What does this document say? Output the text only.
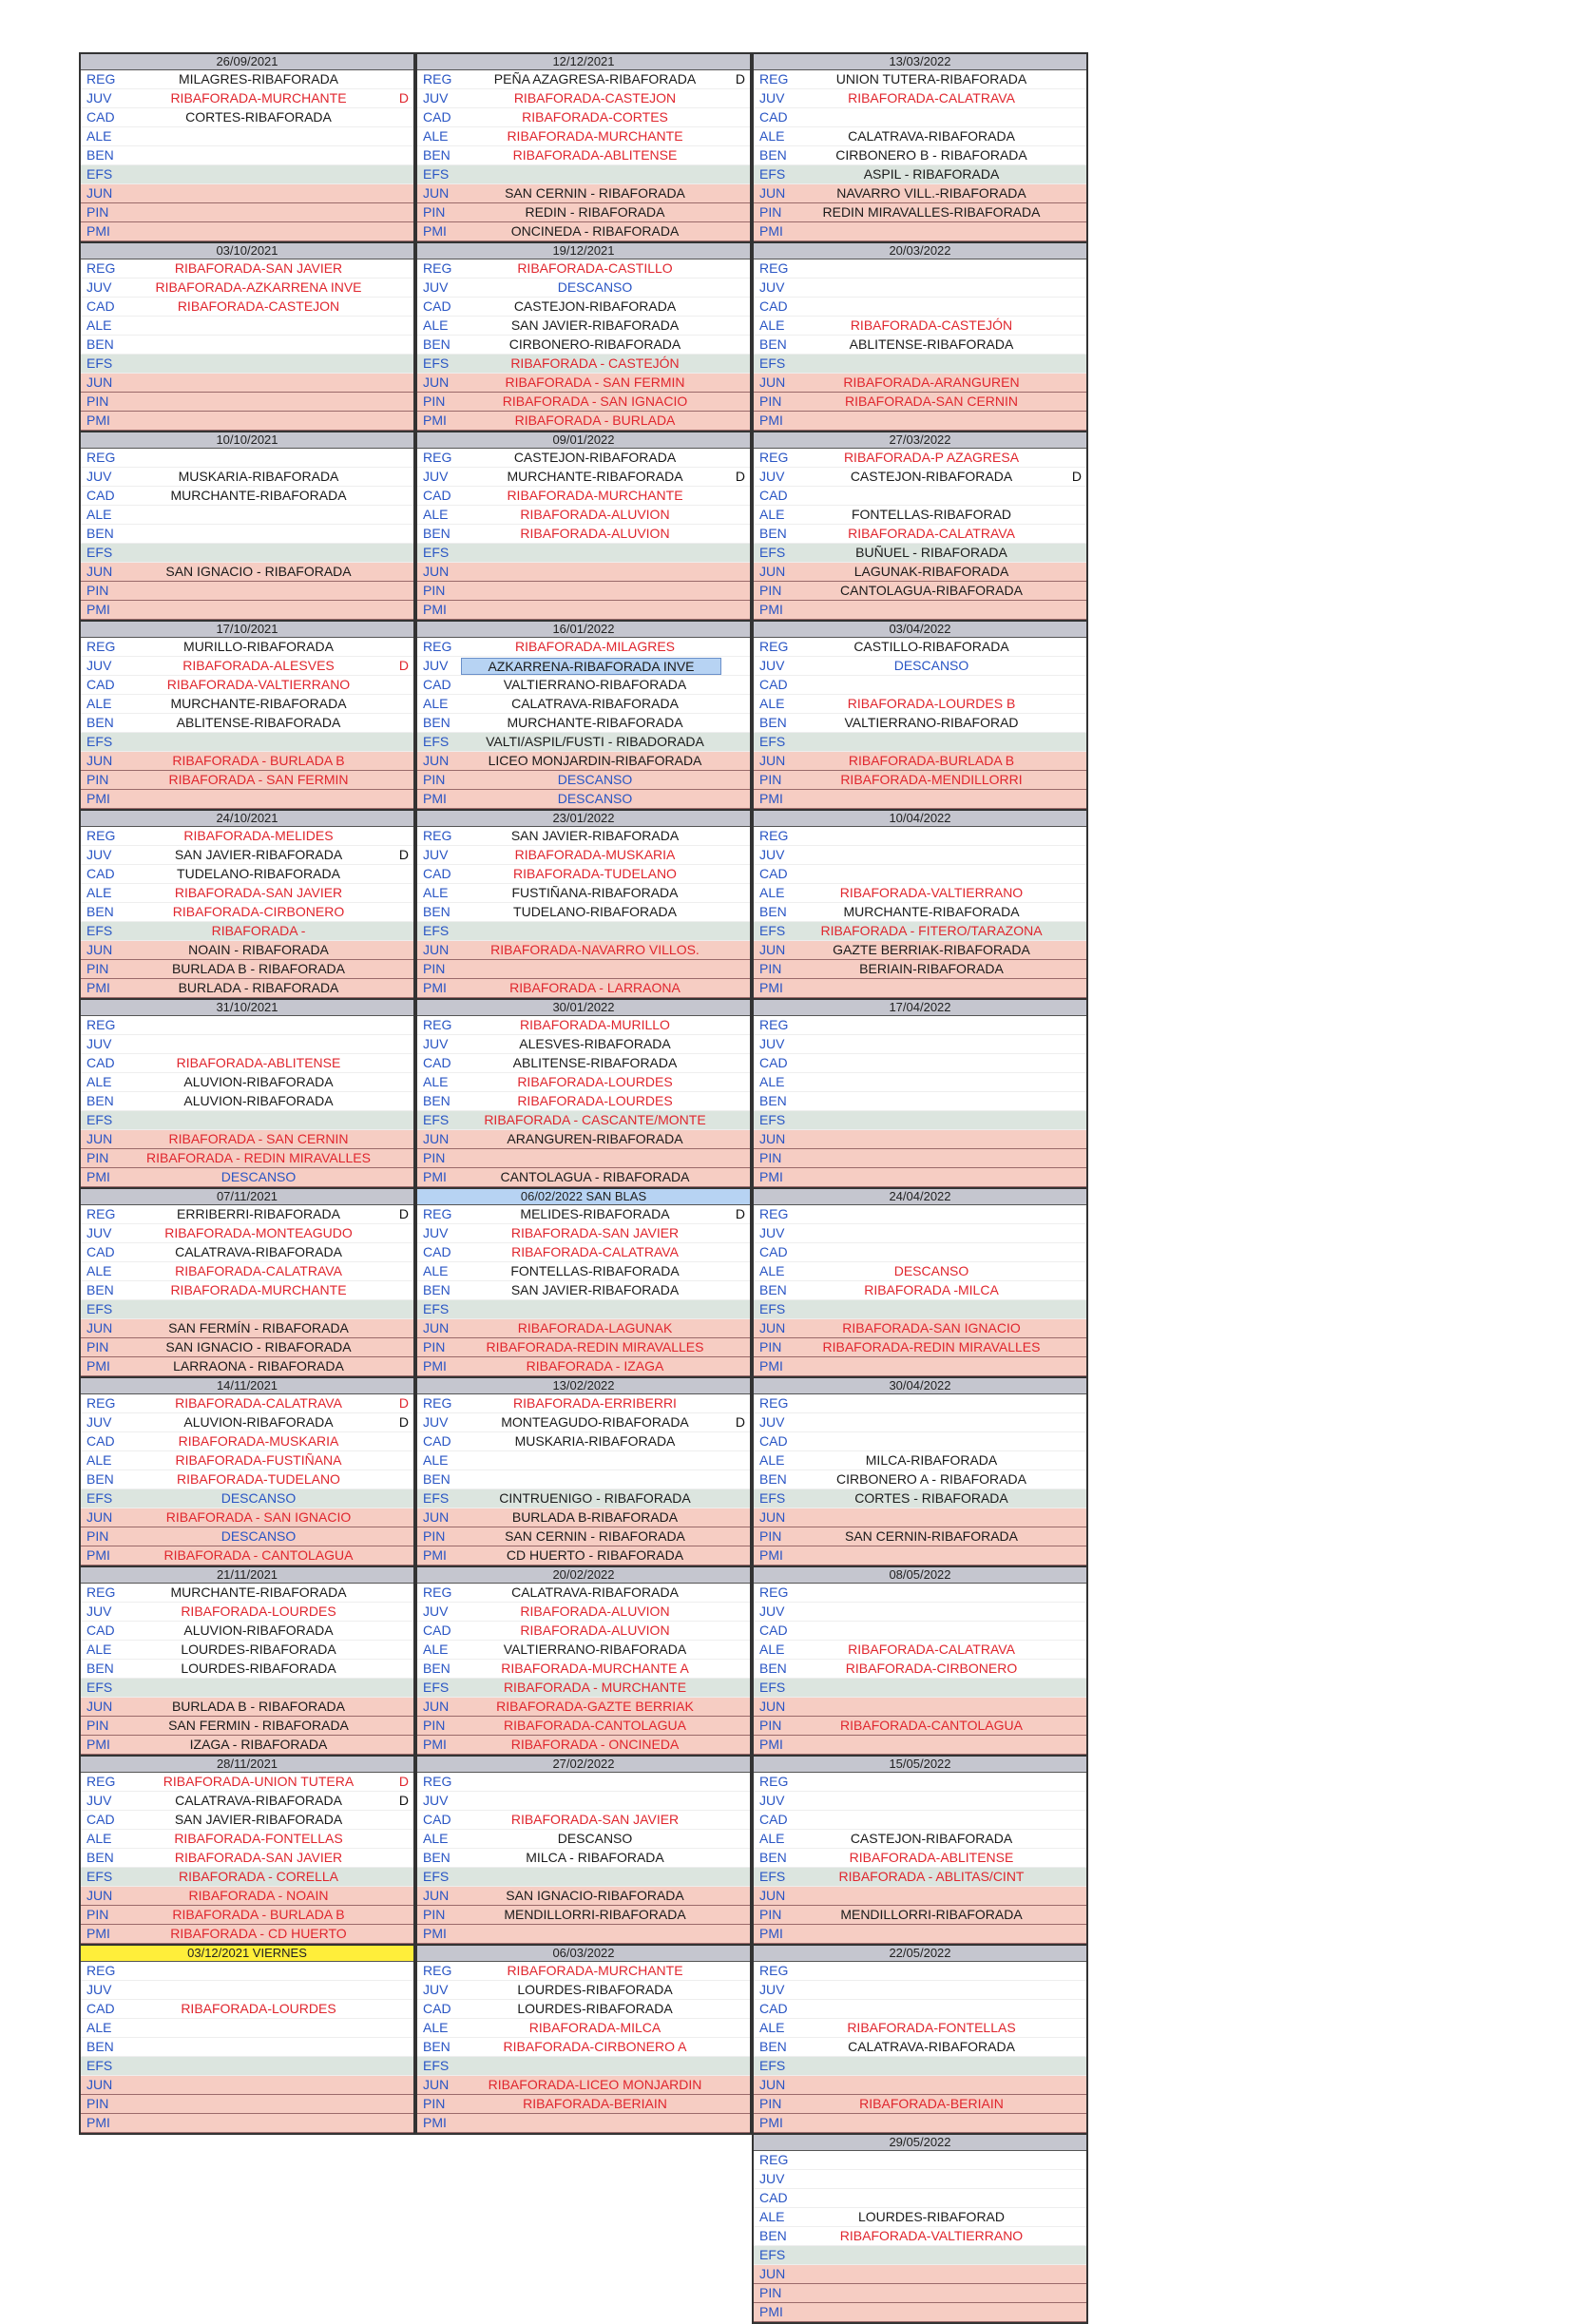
26/09/2021
REG	MILAGRES-RIBAFORADA
JUV	RIBAFORADA-MURCHANTE	D
CAD	CORTES-RIBAFORADA
ALE
BEN
EFS
JUN
PIN
PMI
03/10/2021
REG	RIBAFORADA-SAN JAVIER
JUV	RIBAFORADA-AZKARRENA INVE
CAD	RIBAFORADA-CASTEJON
ALE
BEN
EFS
JUN
PIN
PMI
10/10/2021
REG
JUV	MUSKARIA-RIBAFORADA
CAD	MURCHANTE-RIBAFORADA
ALE
BEN
EFS
JUN	SAN IGNACIO - RIBAFORADA
PIN
PMI
17/10/2021
REG	MURILLO-RIBAFORADA
JUV	RIBAFORADA-ALESVES	D
CAD	RIBAFORADA-VALTIERRANO
ALE	MURCHANTE-RIBAFORADA
BEN	ABLITENSE-RIBAFORADA
EFS
JUN	RIBAFORADA - BURLADA B
PIN	RIBAFORADA - SAN FERMIN
PMI
24/10/2021
REG	RIBAFORADA-MELIDES
JUV	SAN JAVIER-RIBAFORADA	D
CAD	TUDELANO-RIBAFORADA
ALE	RIBAFORADA-SAN JAVIER
BEN	RIBAFORADA-CIRBONERO
EFS	RIBAFORADA -
JUN	NOAIN - RIBAFORADA
PIN	BURLADA B - RIBAFORADA
PMI	BURLADA - RIBAFORADA
31/10/2021
REG
JUV
CAD	RIBAFORADA-ABLITENSE
ALE	ALUVION-RIBAFORADA
BEN	ALUVION-RIBAFORADA
EFS
JUN	RIBAFORADA - SAN CERNIN
PIN	RIBAFORADA - REDIN MIRAVALLES
PMI	DESCANSO
07/11/2021
REG	ERRIBERRI-RIBAFORADA	D
JUV	RIBAFORADA-MONTEAGUDO
CAD	CALATRAVA-RIBAFORADA
ALE	RIBAFORADA-CALATRAVA
BEN	RIBAFORADA-MURCHANTE
EFS
JUN	SAN FERMÍN - RIBAFORADA
PIN	SAN IGNACIO - RIBAFORADA
PMI	LARRAONA - RIBAFORADA
14/11/2021
REG	RIBAFORADA-CALATRAVA	D
JUV	ALUVION-RIBAFORADA	D
CAD	RIBAFORADA-MUSKARIA
ALE	RIBAFORADA-FUSTIÑANA
BEN	RIBAFORADA-TUDELANO
EFS	DESCANSO
JUN	RIBAFORADA - SAN IGNACIO
PIN	DESCANSO
PMI	RIBAFORADA - CANTOLAGUA
21/11/2021
REG	MURCHANTE-RIBAFORADA
JUV	RIBAFORADA-LOURDES
CAD	ALUVION-RIBAFORADA
ALE	LOURDES-RIBAFORADA
BEN	LOURDES-RIBAFORADA
EFS
JUN	BURLADA B - RIBAFORADA
PIN	SAN FERMIN - RIBAFORADA
PMI	IZAGA - RIBAFORADA
28/11/2021
REG	RIBAFORADA-UNION TUTERA	D
JUV	CALATRAVA-RIBAFORADA	D
CAD	SAN JAVIER-RIBAFORADA
ALE	RIBAFORADA-FONTELLAS
BEN	RIBAFORADA-SAN JAVIER
EFS	RIBAFORADA - CORELLA
JUN	RIBAFORADA - NOAIN
PIN	RIBAFORADA - BURLADA B
PMI	RIBAFORADA - CD HUERTO
03/12/2021 VIERNES
REG
JUV
CAD	RIBAFORADA-LOURDES
ALE
BEN
EFS
JUN
PIN
PMI
12/12/2021
REG	PEÑA AZAGRESA-RIBAFORADA	D
JUV	RIBAFORADA-CASTEJON
CAD	RIBAFORADA-CORTES
ALE	RIBAFORADA-MURCHANTE
BEN	RIBAFORADA-ABLITENSE
EFS
JUN	SAN CERNIN - RIBAFORADA
PIN	REDIN - RIBAFORADA
PMI	ONCINEDA - RIBAFORADA
19/12/2021
REG	RIBAFORADA-CASTILLO
JUV	DESCANSO
CAD	CASTEJON-RIBAFORADA
ALE	SAN JAVIER-RIBAFORADA
BEN	CIRBONERO-RIBAFORADA
EFS	RIBAFORADA - CASTEJÓN
JUN	RIBAFORADA - SAN FERMIN
PIN	RIBAFORADA - SAN IGNACIO
PMI	RIBAFORADA - BURLADA
09/01/2022
REG	CASTEJON-RIBAFORADA
JUV	MURCHANTE-RIBAFORADA	D
CAD	RIBAFORADA-MURCHANTE
ALE	RIBAFORADA-ALUVION
BEN	RIBAFORADA-ALUVION
EFS
JUN
PIN
PMI
16/01/2022
REG	RIBAFORADA-MILAGRES
JUV	AZKARRENA-RIBAFORADA INVE
CAD	VALTIERRANO-RIBAFORADA
ALE	CALATRAVA-RIBAFORADA
BEN	MURCHANTE-RIBAFORADA
EFS	VALTI/ASPIL/FUSTI - RIBADORADA
JUN	LICEO MONJARDIN-RIBAFORADA
PIN	DESCANSO
PMI	DESCANSO
23/01/2022
REG	SAN JAVIER-RIBAFORADA
JUV	RIBAFORADA-MUSKARIA
CAD	RIBAFORADA-TUDELANO
ALE	FUSTIÑANA-RIBAFORADA
BEN	TUDELANO-RIBAFORADA
EFS
JUN	RIBAFORADA-NAVARRO VILLOS.
PIN
PMI	RIBAFORADA - LARRAONA
30/01/2022
REG	RIBAFORADA-MURILLO
JUV	ALESVES-RIBAFORADA
CAD	ABLITENSE-RIBAFORADA
ALE	RIBAFORADA-LOURDES
BEN	RIBAFORADA-LOURDES
EFS	RIBAFORADA - CASCANTE/MONTE
JUN	ARANGUREN-RIBAFORADA
PIN
PMI	CANTOLAGUA - RIBAFORADA
06/02/2022 SAN BLAS
REG	MELIDES-RIBAFORADA	D
JUV	RIBAFORADA-SAN JAVIER
CAD	RIBAFORADA-CALATRAVA
ALE	FONTELLAS-RIBAFORADA
BEN	SAN JAVIER-RIBAFORADA
EFS
JUN	RIBAFORADA-LAGUNAK
PIN	RIBAFORADA-REDIN MIRAVALLES
PMI	RIBAFORADA - IZAGA
13/02/2022
REG	RIBAFORADA-ERRIBERRI
JUV	MONTEAGUDO-RIBAFORADA	D
CAD	MUSKARIA-RIBAFORADA
ALE
BEN
EFS	CINTRUENIGO - RIBAFORADA
JUN	BURLADA B-RIBAFORADA
PIN	SAN CERNIN - RIBAFORADA
PMI	CD HUERTO - RIBAFORADA
20/02/2022
REG	CALATRAVA-RIBAFORADA
JUV	RIBAFORADA-ALUVION
CAD	RIBAFORADA-ALUVION
ALE	VALTIERRANO-RIBAFORADA
BEN	RIBAFORADA-MURCHANTE A
EFS	RIBAFORADA - MURCHANTE
JUN	RIBAFORADA-GAZTE BERRIAK
PIN	RIBAFORADA-CANTOLAGUA
PMI	RIBAFORADA - ONCINEDA
27/02/2022
REG
JUV
CAD	RIBAFORADA-SAN JAVIER
ALE	DESCANSO
BEN	MILCA - RIBAFORADA
EFS
JUN	SAN IGNACIO-RIBAFORADA
PIN	MENDILLORRI-RIBAFORADA
PMI
06/03/2022
REG	RIBAFORADA-MURCHANTE
JUV	LOURDES-RIBAFORADA
CAD	LOURDES-RIBAFORADA
ALE	RIBAFORADA-MILCA
BEN	RIBAFORADA-CIRBONERO A
EFS
JUN	RIBAFORADA-LICEO MONJARDIN
PIN	RIBAFORADA-BERIAIN
PMI
13/03/2022
REG	UNION TUTERA-RIBAFORADA
JUV	RIBAFORADA-CALATRAVA
CAD
ALE	CALATRAVA-RIBAFORADA
BEN	CIRBONERO B - RIBAFORADA
EFS	ASPIL - RIBAFORADA
JUN	NAVARRO VILL.-RIBAFORADA
PIN	REDIN MIRAVALLES-RIBAFORADA
PMI
20/03/2022
REG
JUV
CAD
ALE	RIBAFORADA-CASTEJÓN
BEN	ABLITENSE-RIBAFORADA
EFS
JUN	RIBAFORADA-ARANGUREN
PIN	RIBAFORADA-SAN CERNIN
PMI
27/03/2022
REG	RIBAFORADA-P AZAGRESA
JUV	CASTEJON-RIBAFORADA	D
CAD
ALE	FONTELLAS-RIBAFORAD
BEN	RIBAFORADA-CALATRAVA
EFS	BUÑUEL - RIBAFORADA
JUN	LAGUNAK-RIBAFORADA
PIN	CANTOLAGUA-RIBAFORADA
PMI
03/04/2022
REG	CASTILLO-RIBAFORADA
JUV	DESCANSO
CAD
ALE	RIBAFORADA-LOURDES B
BEN	VALTIERRANO-RIBAFORAD
EFS
JUN	RIBAFORADA-BURLADA B
PIN	RIBAFORADA-MENDILLORRI
PMI
10/04/2022
REG
JUV
CAD
ALE	RIBAFORADA-VALTIERRANO
BEN	MURCHANTE-RIBAFORADA
EFS	RIBAFORADA - FITERO/TARAZONA
JUN	GAZTE BERRIAK-RIBAFORADA
PIN	BERIAIN-RIBAFORADA
PMI
17/04/2022
REG
JUV
CAD
ALE
BEN
EFS
JUN
PIN
PMI
24/04/2022
REG
JUV
CAD
ALE	DESCANSO
BEN	RIBAFORADA -MILCA
EFS
JUN	RIBAFORADA-SAN IGNACIO
PIN	RIBAFORADA-REDIN MIRAVALLES
PMI
30/04/2022
REG
JUV
CAD
ALE	MILCA-RIBAFORADA
BEN	CIRBONERO A - RIBAFORADA
EFS	CORTES - RIBAFORADA
JUN
PIN	SAN CERNIN-RIBAFORADA
PMI
08/05/2022
REG
JUV
CAD
ALE	RIBAFORADA-CALATRAVA
BEN	RIBAFORADA-CIRBONERO
EFS
JUN
PIN	RIBAFORADA-CANTOLAGUA
PMI
15/05/2022
REG
JUV
CAD
ALE	CASTEJON-RIBAFORADA
BEN	RIBAFORADA-ABLITENSE
EFS	RIBAFORADA - ABLITAS/CINT
JUN
PIN	MENDILLORRI-RIBAFORADA
PMI
22/05/2022
REG
JUV
CAD
ALE	RIBAFORADA-FONTELLAS
BEN	CALATRAVA-RIBAFORADA
EFS
JUN
PIN	RIBAFORADA-BERIAIN
PMI
29/05/2022
REG
JUV
CAD
ALE	LOURDES-RIBAFORAD
BEN	RIBAFORADA-VALTIERRANO
EFS
JUN
PIN
PMI
